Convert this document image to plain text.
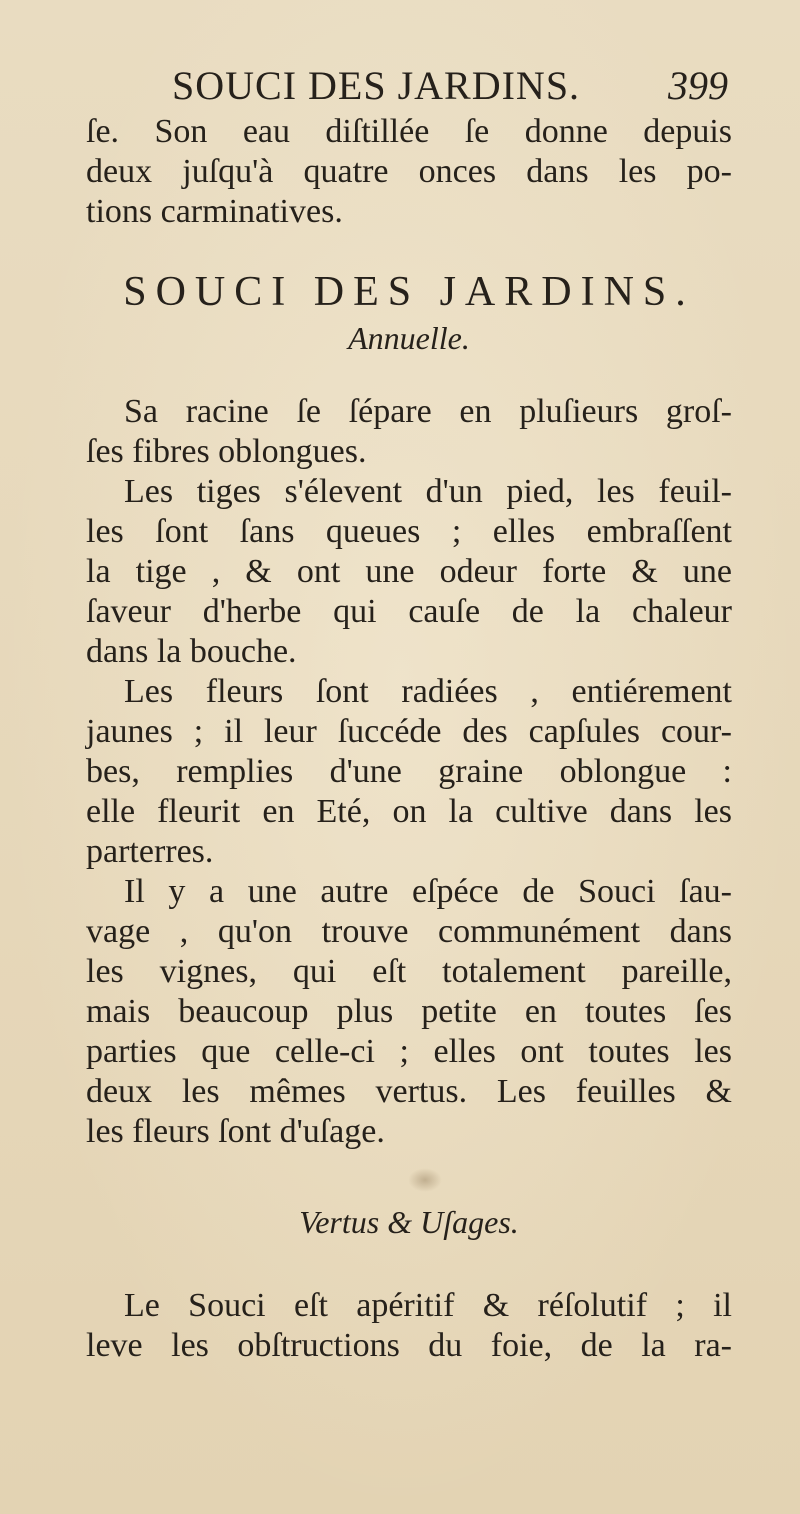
SOUCI DES JARDINS. 399
ſe. Son eau diſtillée ſe donne depuis
deux juſqu'à quatre onces dans les po-
tions carminatives.
SOUCI DES JARDINS.
Annuelle.
Sa racine ſe ſépare en pluſieurs groſ-
ſes fibres oblongues.
Les tiges s'élevent d'un pied, les feuil-
les ſont ſans queues ; elles embraſſent
la tige , & ont une odeur forte & une
ſaveur d'herbe qui cauſe de la chaleur
dans la bouche.
Les fleurs ſont radiées , entiérement
jaunes ; il leur ſuccéde des capſules cour-
bes, remplies d'une graine oblongue :
elle fleurit en Eté, on la cultive dans les
parterres.
Il y a une autre eſpéce de Souci ſau-
vage , qu'on trouve communément dans
les vignes, qui eſt totalement pareille,
mais beaucoup plus petite en toutes ſes
parties que celle-ci ; elles ont toutes les
deux les mêmes vertus. Les feuilles &
les fleurs ſont d'uſage.
Vertus & Uſages.
Le Souci eſt apéritif & réſolutif ; il
leve les obſtructions du foie, de la ra-
